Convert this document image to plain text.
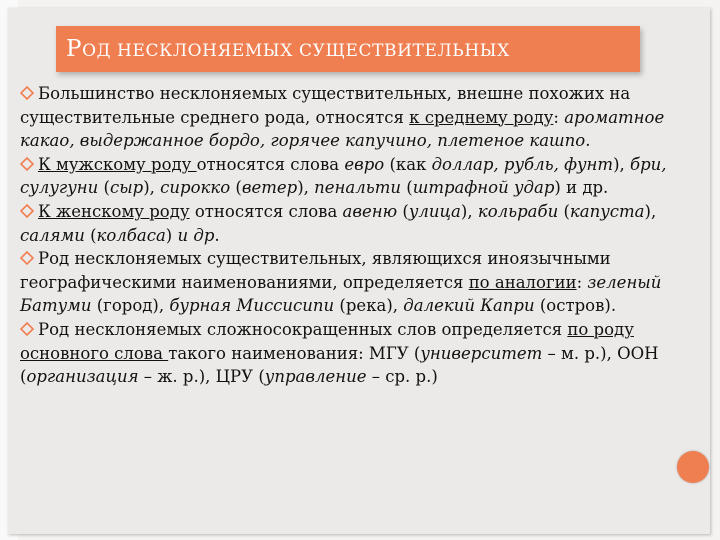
РОД НЕСКЛОНЯЕМЫХ СУЩЕСТВИТЕЛЬНЫХ

Большинство несклоняемых существительных, внешне похожих на существительные среднего рода, относятся к среднему роду: ароматное какао, выдержанное бордо, горячее капучино, плетеное кашпо.

К мужскому роду относятся слова евро (как доллар, рубль, фунт), бри, сулугуни (сыр), сирокко (ветер), пенальти (штрафной удар) и др.

К женскому роду относятся слова авеню (улица), кольраби (капуста), салями (колбаса) и др.

Род несклоняемых существительных, являющихся иноязычными географическими наименованиями, определяется по аналогии: зеленый Батуми (город), бурная Миссисипи (река), далекий Капри (остров).

Род несклоняемых сложносокращенных слов определяется по роду основного слова такого наименования: МГУ (университет – м. р.), ООН (организация – ж. р.), ЦРУ (управление – ср. р.)
